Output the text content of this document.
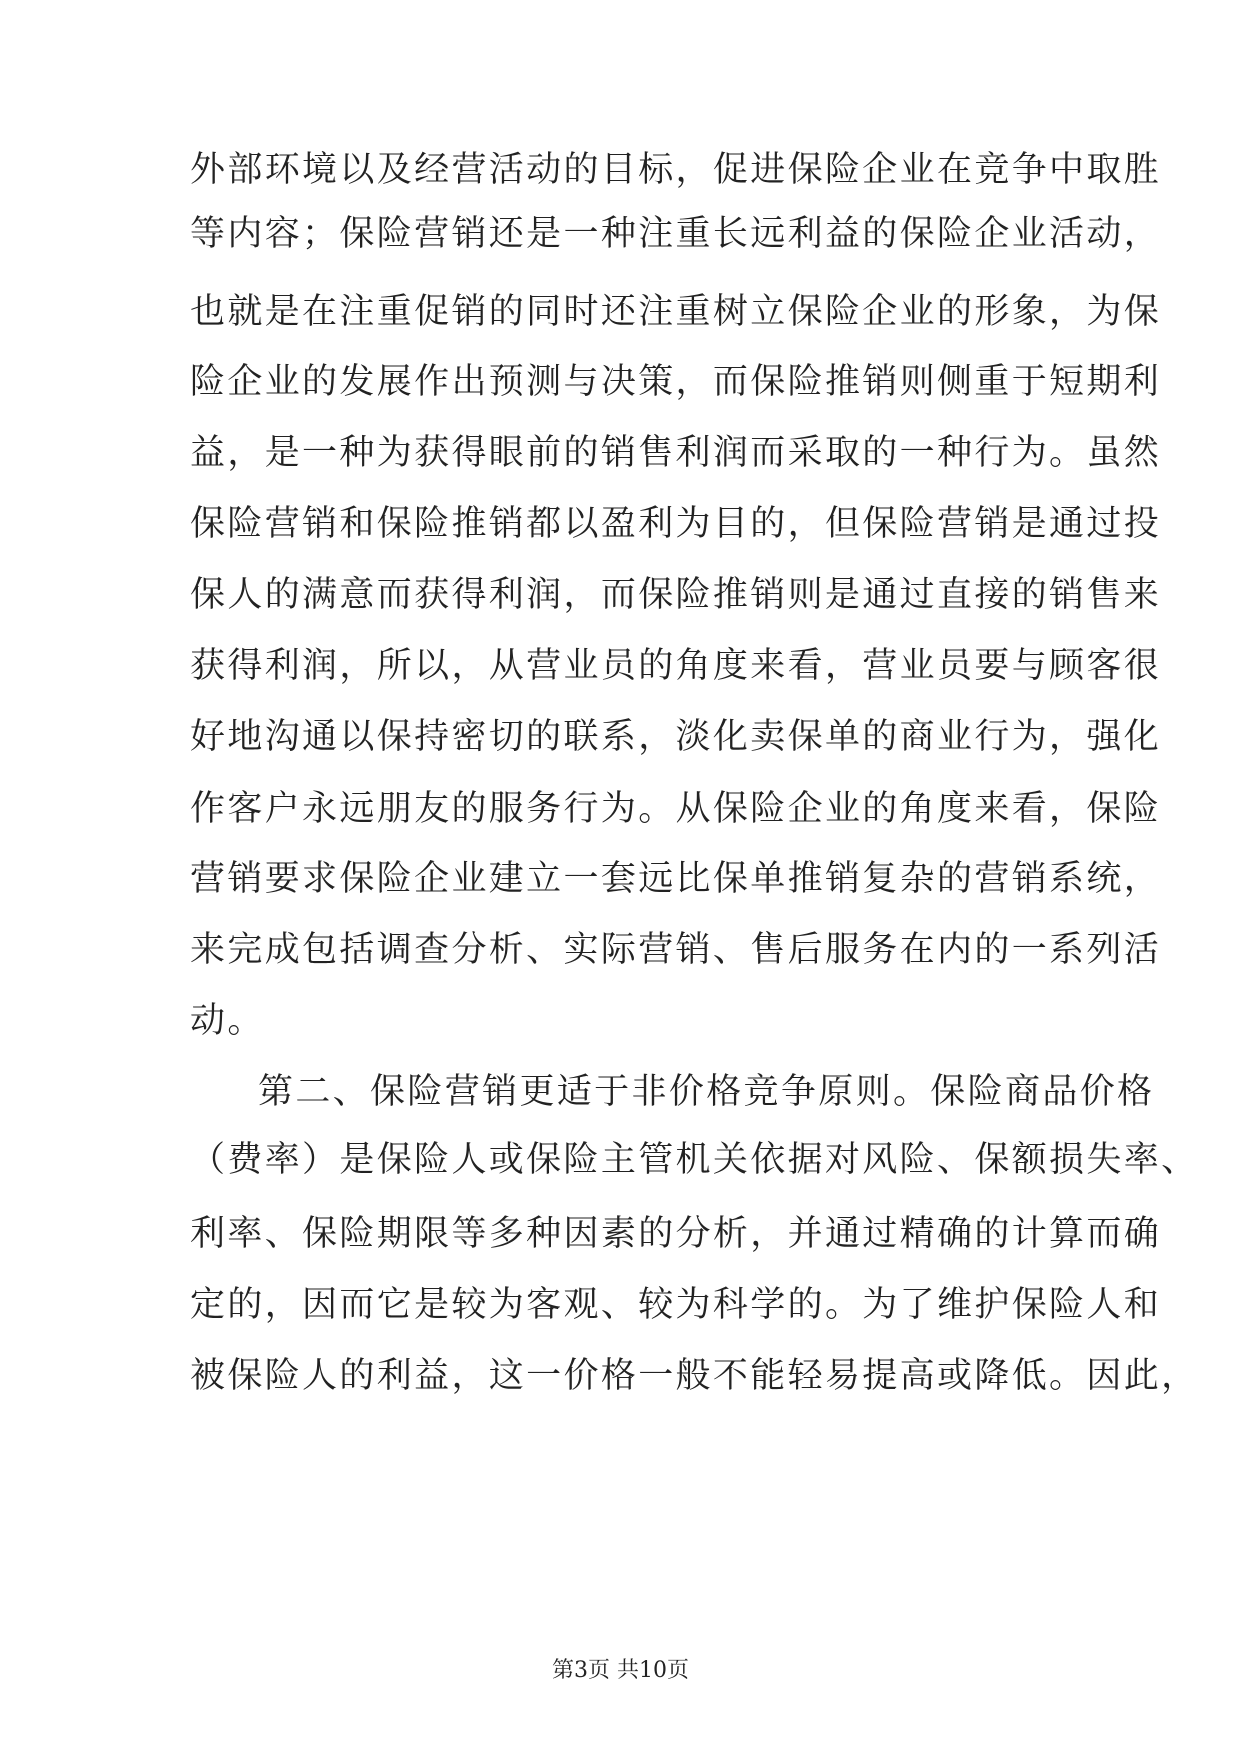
外部环境以及经营活动的目标，促进保险企业在竞争中取胜
等内容；保险营销还是一种注重长远利益的保险企业活动，
也就是在注重促销的同时还注重树立保险企业的形象，为保
险企业的发展作出预测与决策，而保险推销则侧重于短期利
益，是一种为获得眼前的销售利润而采取的一种行为。虽然
保险营销和保险推销都以盈利为目的，但保险营销是通过投
保人的满意而获得利润，而保险推销则是通过直接的销售来
获得利润，所以，从营业员的角度来看，营业员要与顾客很
好地沟通以保持密切的联系，淡化卖保单的商业行为，强化
作客户永远朋友的服务行为。从保险企业的角度来看，保险
营销要求保险企业建立一套远比保单推销复杂的营销系统，
来完成包括调查分析、实际营销、售后服务在内的一系列活
动。
第二、保险营销更适于非价格竞争原则。保险商品价格
（费率）是保险人或保险主管机关依据对风险、保额损失率、
利率、保险期限等多种因素的分析，并通过精确的计算而确
定的，因而它是较为客观、较为科学的。为了维护保险人和
被保险人的利益，这一价格一般不能轻易提高或降低。因此，
第3页 共10页
